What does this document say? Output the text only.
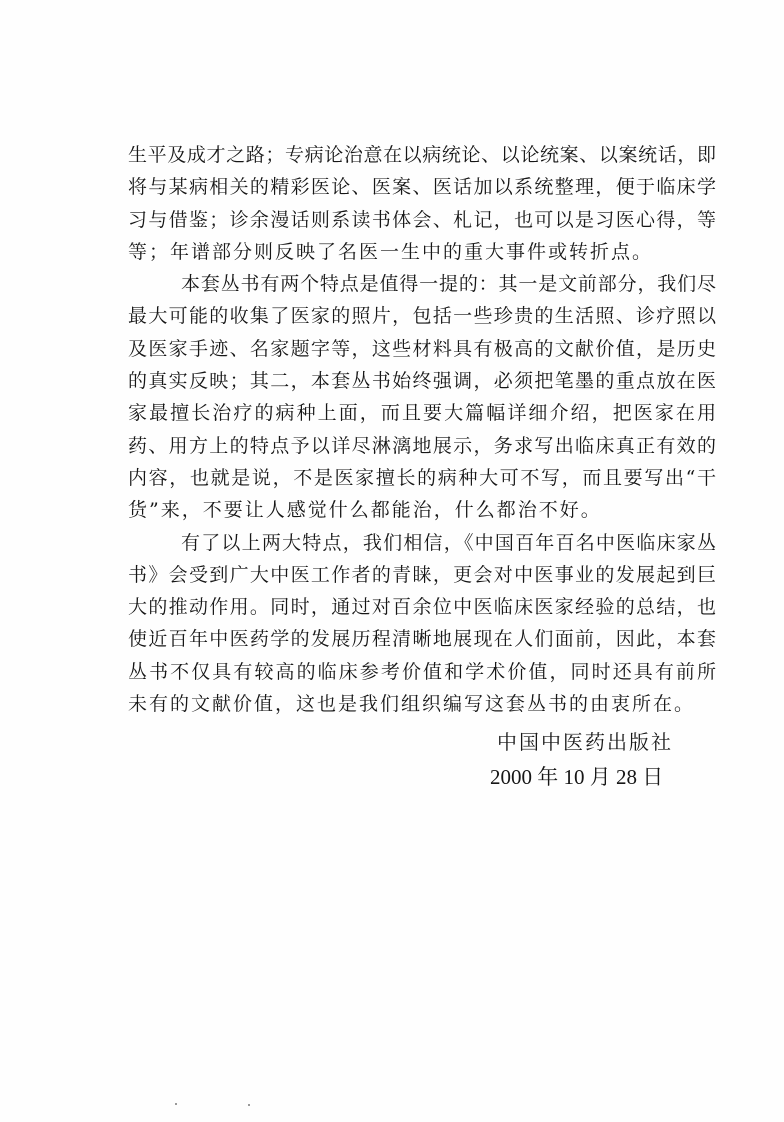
生平及成才之路；专病论治意在以病统论、以论统案、以案统话，即
将与某病相关的精彩医论、医案、医话加以系统整理，便于临床学
习与借鉴；诊余漫话则系读书体会、札记，也可以是习医心得，等
等；年谱部分则反映了名医一生中的重大事件或转折点。
本套丛书有两个特点是值得一提的：其一是文前部分，我们尽
最大可能的收集了医家的照片，包括一些珍贵的生活照、诊疗照以
及医家手迹、名家题字等，这些材料具有极高的文献价值，是历史
的真实反映；其二，本套丛书始终强调，必须把笔墨的重点放在医
家最擅长治疗的病种上面，而且要大篇幅详细介绍，把医家在用
药、用方上的特点予以详尽淋漓地展示，务求写出临床真正有效的
内容，也就是说，不是医家擅长的病种大可不写，而且要写出“干
货”来，不要让人感觉什么都能治，什么都治不好。
有了以上两大特点，我们相信，《中国百年百名中医临床家丛
书》会受到广大中医工作者的青睐，更会对中医事业的发展起到巨
大的推动作用。同时，通过对百余位中医临床医家经验的总结，也
使近百年中医药学的发展历程清晰地展现在人们面前，因此，本套
丛书不仅具有较高的临床参考价值和学术价值，同时还具有前所
未有的文献价值，这也是我们组织编写这套丛书的由衷所在。
中国中医药出版社
2000 年 10 月 28 日
